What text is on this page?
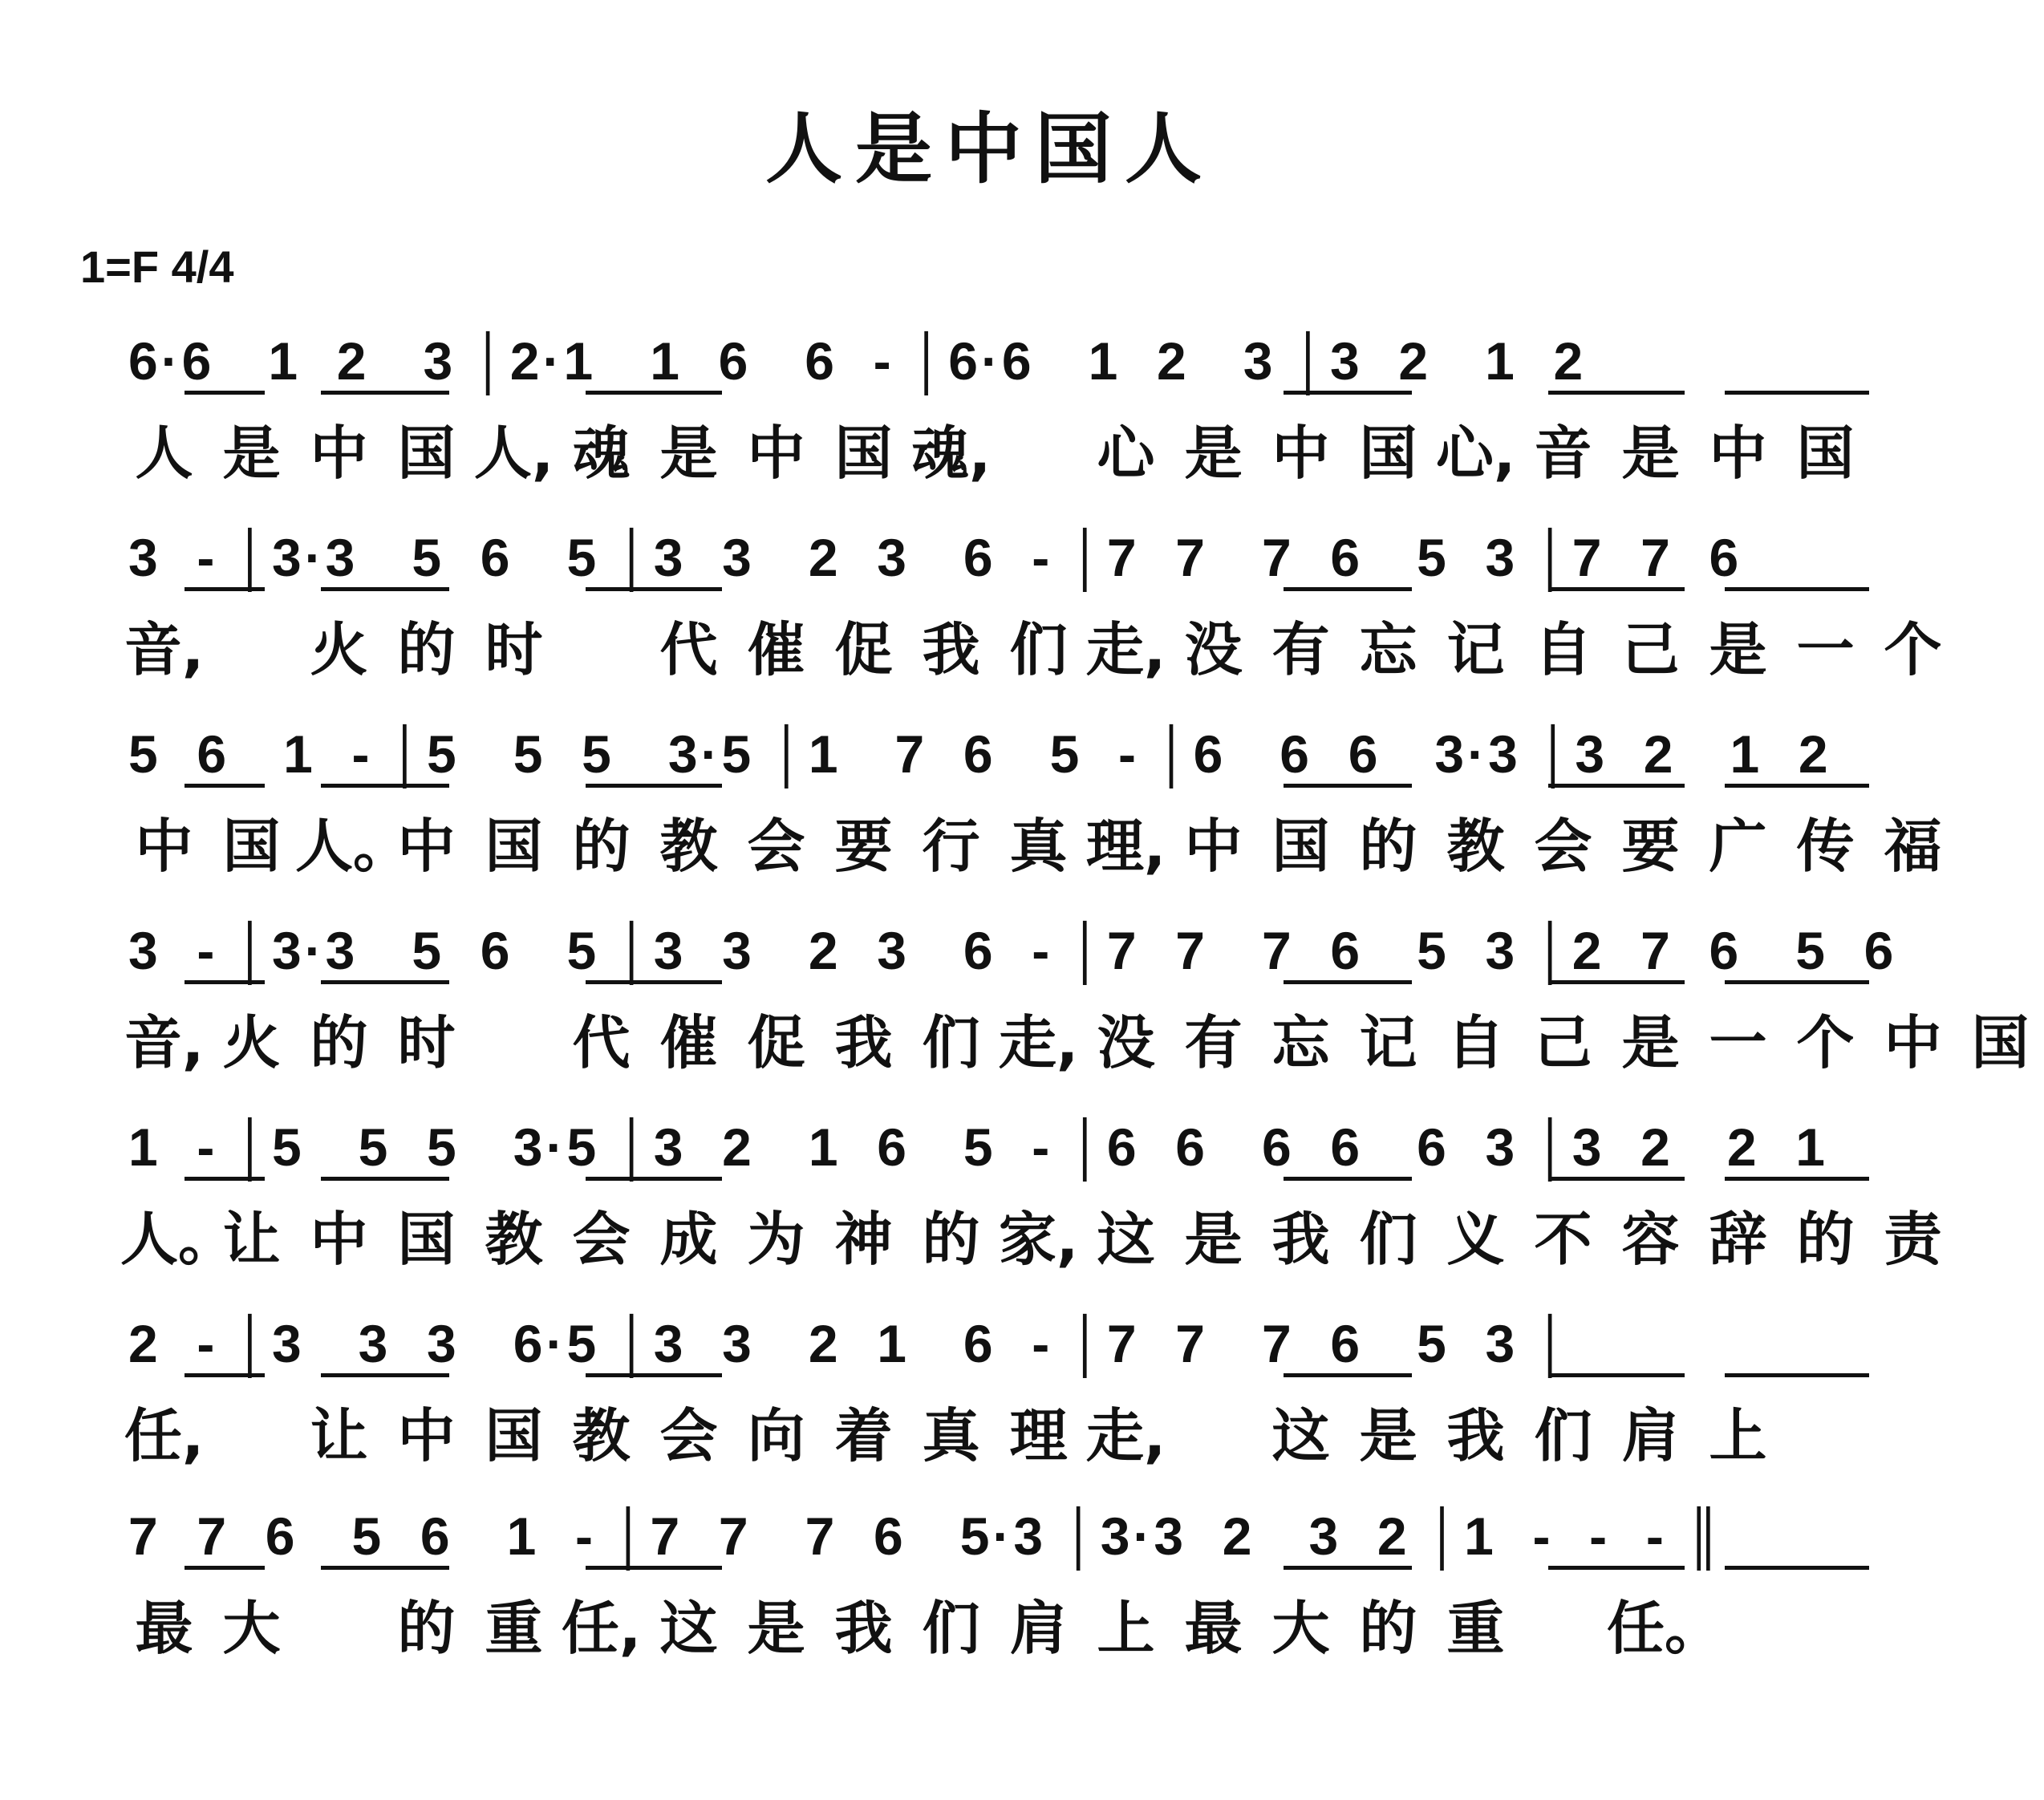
人是中国人
1=F 4/4
6·6   1  2   3 │2·1   1  6   6  - │6·6   1  2   3 │3  2   1  2
人 是 中 国 人, 魂 是 中 国 魂, 心 是 中 国 心, 音 是 中 国
3  - │3·3   5  6   5 │3  3   2  3   6  - │7  7   7  6   5  3 │7  7  6
音, 火 的 时 代 催 促 我 们 走, 没 有 忘 记 自 己 是 一 个
5  6   1  - │5   5  5   3·5 │1   7  6   5  - │6   6  6   3·3 │3  2   1  2
中 国 人。中 国 的 教 会 要 行 真 理, 中 国 的 教 会 要 广 传 福
3  - │3·3   5  6   5 │3  3   2  3   6  - │7  7   7  6   5  3 │2  7  6   5  6
音, 火 的 时 代 催 促 我 们 走, 没 有 忘 记 自 己 是 一 个 中 国
1  - │5   5  5   3·5 │3  2   1  6   5  - │6  6   6  6   6  3 │3  2   2  1
人。让 中 国 教 会 成 为 神 的 家, 这 是 我 们 义 不 容 辞 的 责
2  - │3   3  3   6·5 │3  3   2  1   6  - │7  7   7  6   5  3 │
任, 让 中 国 教 会 向 着 真 理 走, 这 是 我 们 肩 上
7  7  6   5  6   1  - │7  7   7  6   5·3 │3·3  2   3  2 │1  -  -  - ║
最 大 的 重 任, 这 是 我 们 肩 上 最 大 的 重 任。
